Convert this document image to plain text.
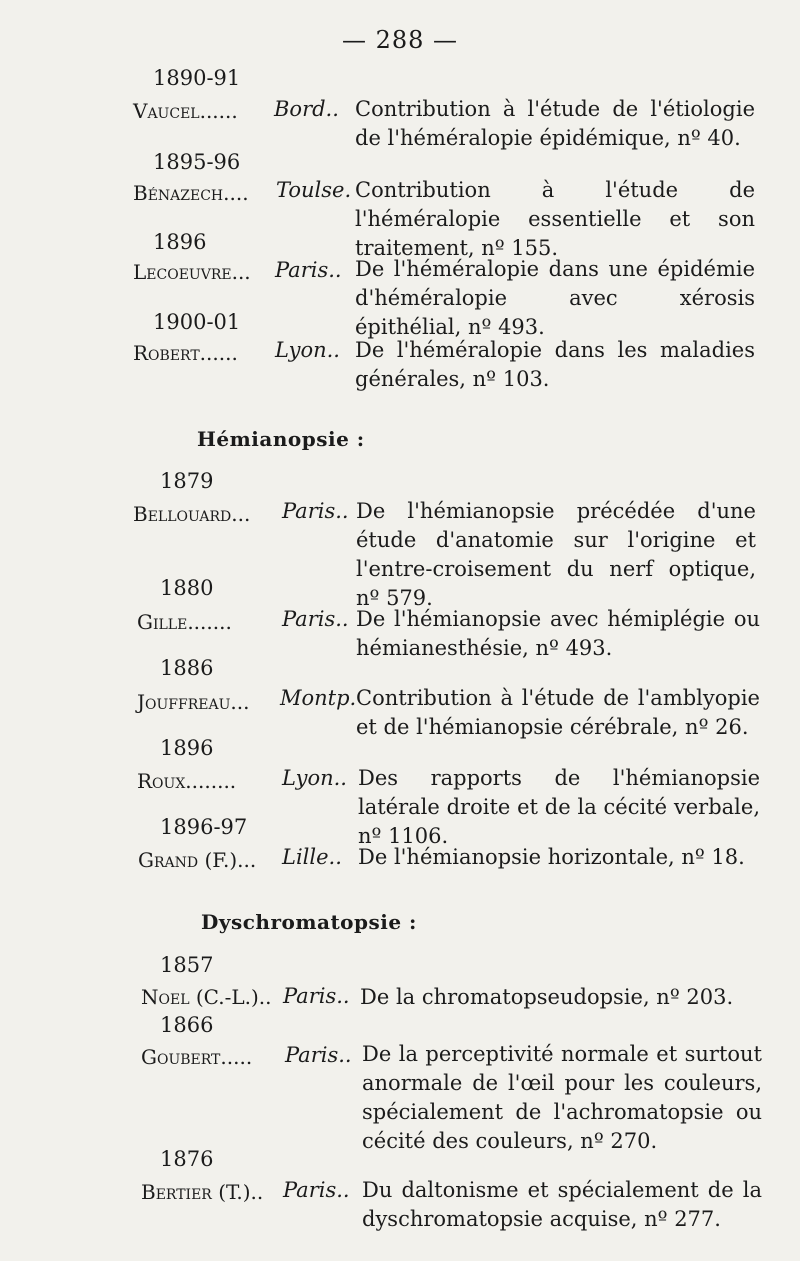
— 288 —
1890-91
Vaucel...... Bord.. Contribution à l'étude de l'étiologie de l'héméralopie épidémique, nº 40.
1895-96
Bénazech.... Toulse. Contribution à l'étude de l'héméralopie essentielle et son traitement, nº 155.
1896
Lecoeuvre... Paris.. De l'héméralopie dans une épidémie d'héméralopie avec xérosis épithélial, nº 493.
1900-01
Robert...... Lyon.. De l'héméralopie dans les maladies générales, nº 103.
Hémianopsie :
1879
Bellouard... Paris.. De l'hémianopsie précédée d'une étude d'anatomie sur l'origine et l'entre-croisement du nerf optique, nº 579.
1880
Gille....... Paris.. De l'hémianopsie avec hémiplégie ou hémianesthésie, nº 493.
1886
Jouffreau... Montp. Contribution à l'étude de l'amblyopie et de l'hémianopsie cérébrale, nº 26.
1896
Roux........ Lyon.. Des rapports de l'hémianopsie latérale droite et de la cécité verbale, nº 1106.
1896-97
Grand (F.)... Lille.. De l'hémianopsie horizontale, nº 18.
Dyschromatopsie :
1857
Noel (C.-L.).. Paris.. De la chromatopseudopsie, nº 203.
1866
Goubert..... Paris.. De la perceptivité normale et surtout anormale de l'œil pour les couleurs, spécialement de l'achromatopsie ou cécité des couleurs, nº 270.
1876
Bertier (T.).. Paris.. Du daltonisme et spécialement de la dyschromatopsie acquise, nº 277.
